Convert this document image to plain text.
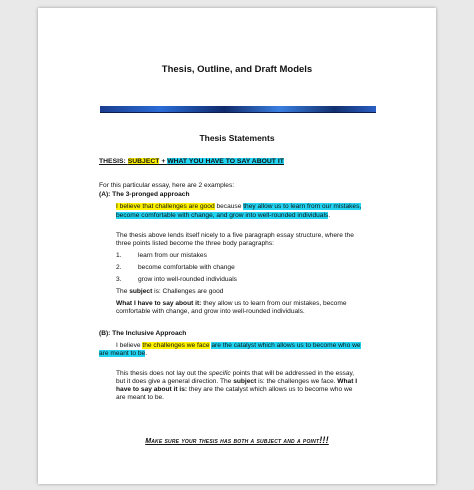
Thesis, Outline, and Draft Models
Thesis Statements
THESIS: SUBJECT + WHAT YOU HAVE TO SAY ABOUT IT
For this particular essay, here are 2 examples:
(A): The 3-pronged approach
I believe that challenges are good because they allow us to learn from our mistakes,
become comfortable with change, and grow into well-rounded individuals.
The thesis above lends itself nicely to a five paragraph essay structure, where the
three points listed become the three body paragraphs:
1.	learn from our mistakes
2.	become comfortable with change
3.	grow into well-rounded individuals
The subject is: Challenges are good
What I have to say about it: they allow us to learn from our mistakes, become
comfortable with change, and grow into well-rounded individuals.
(B): The Inclusive Approach
I believe the challenges we face are the catalyst which allows us to become who we
are meant to be.
This thesis does not lay out the specific points that will be addressed in the essay,
but it does give a general direction. The subject is: the challenges we face. What I
have to say about it is: they are the catalyst which allows us to become who we
are meant to be.
Make sure your thesis has both a subject and a point!!!
